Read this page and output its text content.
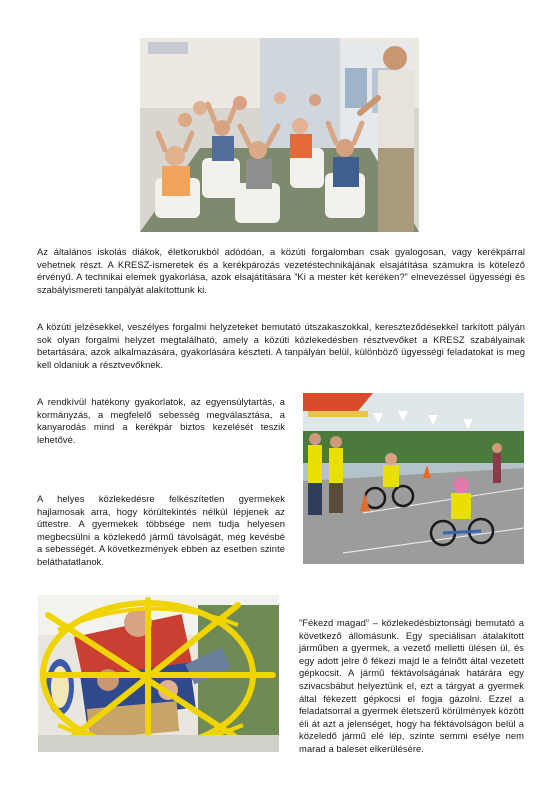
Az általános iskolás diákok, életkorukból adódóan, a közúti forgalomban csak gyalogosan, vagy kerékpárral vehetnek részt. A KRESZ-ismeretek és a kerékpározás vezetéstechnikájának elsajátítása számukra is kötelező érvényű. A technikai elemek gyakorlása, azok elsajátítására ”Ki a mester két keréken?” elnevezéssel ügyességi és szabályismereti tanpályát alakítottunk ki.

A közúti jelzésekkel, veszélyes forgalmi helyzeteket bemutató útszakaszokkal, kereszteződésekkel tarkított pályán sok olyan forgalmi helyzet megtalálható, amely a közúti közlekedésben résztvevőket a KRESZ szabályainak betartására, azok alkalmazására, gyakorlására készteti. A tanpályán belül, különböző ügyességi feladatokat is meg kell oldaniuk a résztvevőknek.

A rendkívül hatékony gyakorlatok, az egyensúlytartás, a kormányzás, a megfelelő sebesség megválasztása, a kanyarodás mind a kerékpár biztos kezelését teszik lehetővé.

A helyes közlekedésre felkészítetlen gyermekek hajlamosak arra, hogy körültekintés nélkül lépjenek az úttestre. A gyermekek többsége nem tudja helyesen megbecsülni a közlekedő jármű távolságát, még kevésbé a sebességét. A következmények ebben az esetben szinte beláthatatlanok.

”Fékezd magad” – közlekedésbiztonsági bemutató a következő állomásunk. Egy speciálisan átalakított járműben a gyermek, a vezető melletti ülésen ül, és egy adott jelre ő fékezi majd le a felnőtt által vezetett gépkocsit. A jármű féktávolságának határára egy szivacsbábut helyeztünk el, ezt a tárgyat a gyermek által fékezett gépkocsi el fogja gázolni. Ezzel a feladatsorral a gyermek életszerű körülmények között éli át azt a jelenséget, hogy ha féktávolságon belül a közeledő jármű elé lép, szinte semmi esélye nem marad a baleset elkerülésére.
